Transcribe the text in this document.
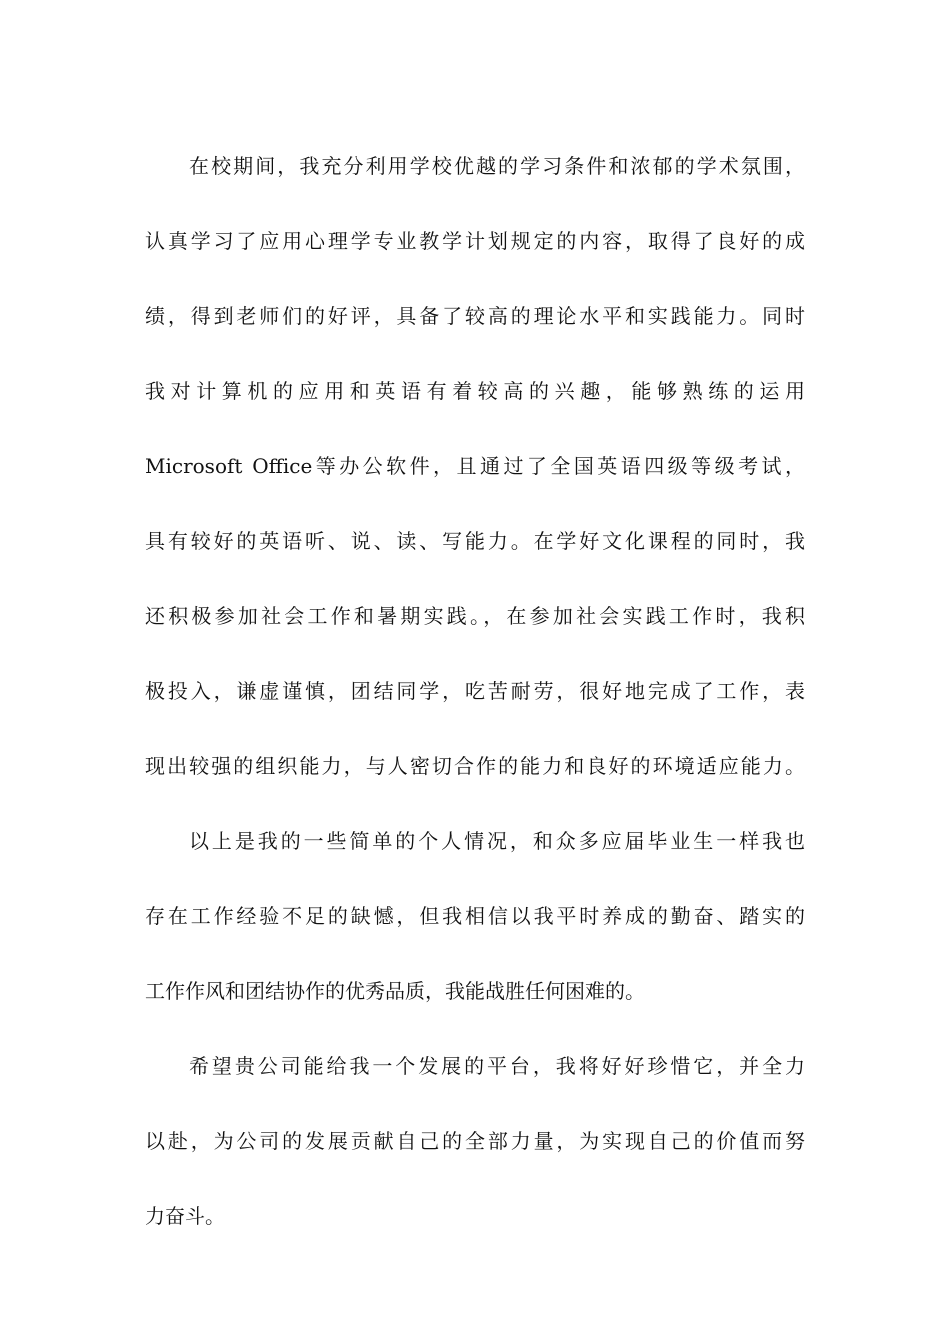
在校期间，我充分利用学校优越的学习条件和浓郁的学术氛围，
认真学习了应用心理学专业教学计划规定的内容，取得了良好的成
绩，得到老师们的好评，具备了较高的理论水平和实践能力。同时
我对计算机的应用和英语有着较高的兴趣，能够熟练的运用
Microsoft Office等办公软件，且通过了全国英语四级等级考试，
具有较好的英语听、说、读、写能力。在学好文化课程的同时，我
还积极参加社会工作和暑期实践。，在参加社会实践工作时，我积
极投入，谦虚谨慎，团结同学，吃苦耐劳，很好地完成了工作，表
现出较强的组织能力，与人密切合作的能力和良好的环境适应能力。
以上是我的一些简单的个人情况，和众多应届毕业生一样我也
存在工作经验不足的缺憾，但我相信以我平时养成的勤奋、踏实的
工作作风和团结协作的优秀品质，我能战胜任何困难的。
希望贵公司能给我一个发展的平台，我将好好珍惜它，并全力
以赴，为公司的发展贡献自己的全部力量，为实现自己的价值而努
力奋斗。
